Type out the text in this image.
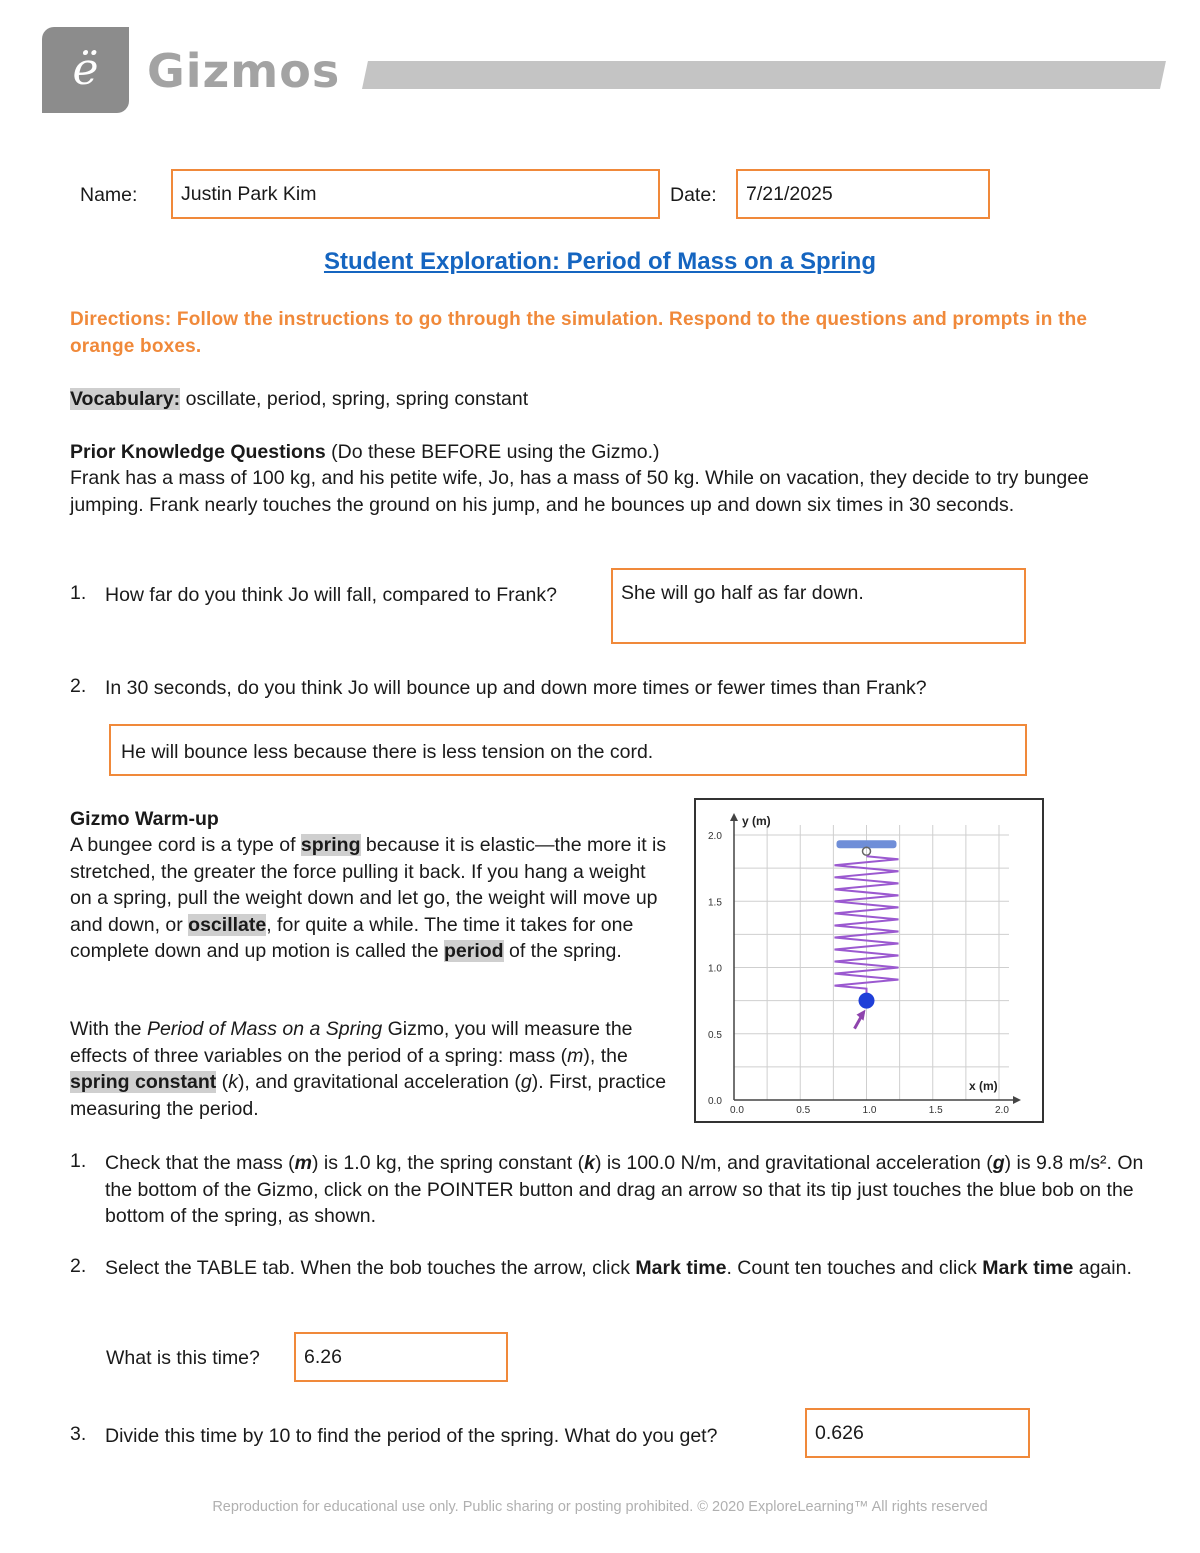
ë	Gizmos
Name: Justin Park Kim	Date: 7/21/2025
Student Exploration: Period of Mass on a Spring
Directions: Follow the instructions to go through the simulation. Respond to the questions and prompts in the orange boxes.
Vocabulary: oscillate, period, spring, spring constant
Prior Knowledge Questions (Do these BEFORE using the Gizmo.)
Frank has a mass of 100 kg, and his petite wife, Jo, has a mass of 50 kg. While on vacation, they decide to try bungee jumping. Frank nearly touches the ground on his jump, and he bounces up and down six times in 30 seconds.
1. How far do you think Jo will fall, compared to Frank?	She will go half as far down.
2. In 30 seconds, do you think Jo will bounce up and down more times or fewer times than Frank?
He will bounce less because there is less tension on the cord.
Gizmo Warm-up
A bungee cord is a type of spring because it is elastic—the more it is stretched, the greater the force pulling it back. If you hang a weight on a spring, pull the weight down and let go, the weight will move up and down, or oscillate, for quite a while. The time it takes for one complete down and up motion is called the period of the spring.
With the Period of Mass on a Spring Gizmo, you will measure the effects of three variables on the period of a spring: mass (m), the spring constant (k), and gravitational acceleration (g). First, practice measuring the period.	0.0	0.5	1.0	1.5	2.0
2.0
1.5
1.0
0.5
0.0
y (m)
x (m)
1. Check that the mass (m) is 1.0 kg, the spring constant (k) is 100.0 N/m, and gravitational acceleration (g) is 9.8 m/s². On the bottom of the Gizmo, click on the POINTER button and drag an arrow so that its tip just touches the blue bob on the bottom of the spring, as shown.
2. Select the TABLE tab. When the bob touches the arrow, click Mark time. Count ten touches and click Mark time again.
What is this time? 6.26
3. Divide this time by 10 to find the period of the spring. What do you get?	0.626
Reproduction for educational use only. Public sharing or posting prohibited. © 2020 ExploreLearning™ All rights reserved
